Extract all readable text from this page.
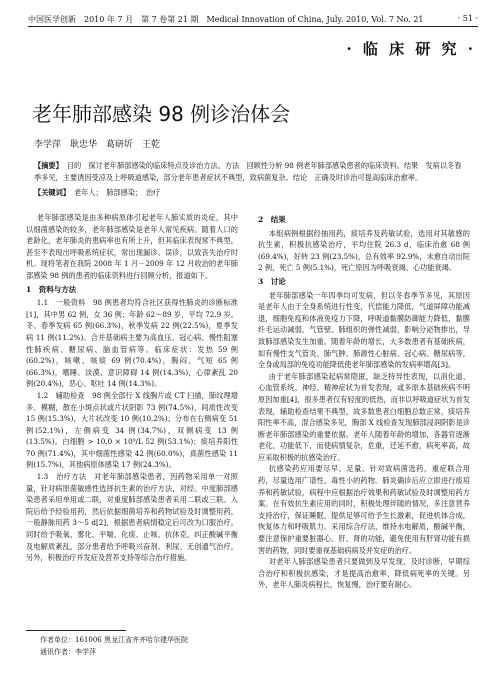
中国医学创新　2010 年 7 月　第 7 卷第 21 期　Medical Innovation of China, July. 2010, Vol. 7 No. 21	· 51 ·
· 临 床 研 究 ·
老年肺部感染 98 例诊治体会
李学萍　耿忠华　葛研圻　王乾
【摘要】 目的　探讨老年肺部感染的临床特点及诊治方法。方法　回顾性分析 98 例老年肺部感染患者的临床资料。结果　发病以冬春季多见，主要诱因受凉及上呼吸道感染，部分老年患者症状不典型，致病菌复杂。结论　正确及时诊治可提高临床治愈率。
【关键词】 老年人；　肺部感染；　治疗

老年肺部感染是由多种病原体引起老年人肺实质的炎症，其中以细菌感染的较多，老年肺部感染是老年人常见疾病。随着人口的老龄化，老年肺炎的患病率也有所上升，但其临床表现常不典型，甚至不表现出呼吸系统症状，常出现漏诊、误诊，以致丧失治疗时机。现将笔者在我院 2008 年 1 月－2009 年 12 月收治的老年肺部感染 98 例的患者的临床资料进行回顾分析，报道如下。

1　资料与方法

1.1　一般资料　98 例患者均符合社区获得性肺炎的诊断标准[1]，其中男 62 例，女 36 例；年龄 62～89 岁，平均 72.9 岁。冬、春季发病 65 例(66.3%)，秋季发病 22 例(22.5%)，夏季发病 11 例(11.2%)。合并基础病主要为高血压、冠心病、慢性阻塞性肺疾病、糖尿病、脑血管病等。临床症状：发热 59 例(60.2%)，咳嗽、咳痰 69 例(70.4%)，胸闷、气短 65 例(66.3%)，嗜睡、淡漠、意识障碍 14 例(14.3%)，心律紊乱 20 例(20.4%)，恶心、呕吐 14 例(14.3%)。

1.2　辅助检查　98 例全部行 X 线胸片或 CT 扫描，肺纹理增多、模糊，散在小斑点状或片状阴影 73 例(74.5%)，间质性改变 15 例(15.3%)，大片状改变 10 例(10.2%)；分布在右侧病变 51 例(52.1%)，左侧病变 34 例(34.7%)，双侧病变 13 例(13.5%)。白细胞 > 10.0 × 10⁹/L 52 例(53.1%)；痰培养阳性 70 例(71.4%)，其中细菌性感染 42 例(60.0%)，真菌性感染 11 例(15.7%)，其他病原体感染 17 例(24.3%)。

1.3　治疗方法　对老年肺部感染患者，因药物采用单一对照量，针对病原菌敏感性选择抗生素的治疗方法，对经、中度肺部感染患者采用单用或二联，对重度肺部感染患者采用二联或三联。入院后给予经验用药，然后依据细菌培养和药物试验及时调整用药，一般静脉用药 3～5 d[2]，根据患者病情稳定后可改为口服治疗。同时给予吸氧、雾化、平喘、化痰、止咳、抗休克、纠正酸碱平衡及电解质紊乱，部分患者给予呼吸兴奋剂、利尿、无创通气治疗，另外，积极治疗并发症及营养支持等综合治疗措施。

2　结果

本组病例根据经抽用药，痰培养及药敏试验，选用对其敏感的抗生素，积极抗感染治疗，平均住院 26.3 d，临床治愈 68 例(69.4%)，好转 23 例(23.5%)，总有效率 92.9%，未愈自动出院 2 例，死亡 5 例(5.1%)，死亡原因为呼吸衰竭、心功能衰竭。

3　讨论

老年肺部感染一年四季均可发病，但以冬春季节多见，其原因是老年人由于全身系统进行性变，代偿能力降低，气道屏障功能减退，细胞免疫和体液免疫力下降，呼吸道黏膜防御能力降低，黏膜纤毛运动减弱，气管壁、肺组织的弹性减弱，影响分泌物排出，导致肺部感染发生加重。随着年龄的增长，大多数患者有基础疾病，如有慢性支气管炎、肺气肿、肺源性心脏病、冠心病、糖尿病等，全身或局部的免疫功能降低使老年肺部感染的发病率增高[3]。

由于老年肺部感染起病常隐匿，缺乏特异性表现，以消化道、心血管系统、神经、精神症状为首发表现，或多原本基础疾病不明原因加重[4]，很多患者仅有轻度的低热，而非以呼吸道症状为首发表现，辅助检查结果不典型，故多数患者白细胞总数正常，痰培养阳性率不高，混合感染多见，胸部 X 线检查发现肺部浸润阴影是诊断老年肺部感染的重要依据。老年人随着年龄的增加，各器官逐渐老化，功能低下，而使病情复杂，危重，迁延不愈，病死率高，故应采取积极的抗感染治疗。

抗感染药应用要尽早、足量、针对致病菌选药，重症联合用药，尽量选用广谱性、毒性小的药物。肺炎确诊后应立即进行痰培养和药敏试验，病程中应根据治疗效果和药敏试验及时调整用药方案。在有效抗生素应用的同时，积极处理伴随的情况，多注意营养支持治疗，保证睡眠，提供足够可给予生长激素，促进机体合成，恢复体力和呼吸肌力。采用综合疗法，维持水电解质，酸碱平衡，要注意保护重要脏器心、肝、肾的功能，避免使用有肝肾功能有损害的药物，同时要重视基础病病及并发症的治疗。

对老年人肺部感染患者只要做到及早发现、及时诊断，早期综合治疗和积极抗感染，才是提高治愈率，降低病死率的关键。另外，老年人肺炎病程长，恢复慢，治疗要有耐心。

作者单位：161006 黑龙江省齐齐哈尔建华医院
通讯作者：李学萍
